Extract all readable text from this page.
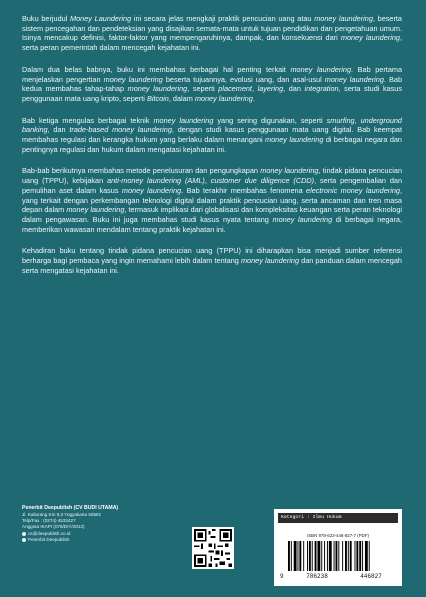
Buku berjudul Money Laundering ini secara jelas mengkaji praktik pencucian uang atau money laundering, beserta sistem pencegahan dan pendeteksian yang disajikan semata-mata untuk tujuan pendidikan dan pengetahuan umum. Isinya mencakup definisi, faktor-faktor yang mempengaruhinya, dampak, dan konsekuensi dari money laundering, serta peran pemerintah dalam mencegah kejahatan ini.

Dalam dua belas babnya, buku ini membahas berbagai hal penting terkait money laundering. Bab pertama menjelaskan pengertian money laundering beserta tujuannya, evolusi uang, dan asal-usul money laundering. Bab kedua membahas tahap-tahap money laundering, seperti placement, layering, dan integration, serta studi kasus penggunaan mata uang kripto, seperti Bitcoin, dalam money laundering.

Bab ketiga mengulas berbagai teknik money laundering yang sering digunakan, seperti smurfing, underground banking, dan trade-based money laundering, dengan studi kasus penggunaan mata uang digital. Bab keempat membahas regulasi dan kerangka hukum yang berlaku dalam menangani money laundering di berbagai negara dan pentingnya regulasi dan hukum dalam mengatasi kejahatan ini.

Bab-bab berikutnya membahas metode penelusuran dan pengungkapan money laundering, tindak pidana pencucian uang (TPPU), kebijakan anti-money laundering (AML), customer due diligence (CDD), serta pengembalian dan pemulihan aset dalam kasus money laundering. Bab terakhir membahas fenomena electronic money laundering, yang terkait dengan perkembangan teknologi digital dalam praktik pencucian uang, serta ancaman dan tren masa depan dalam money laundering, termasuk implikasi dari globalisasi dan kompleksitas keuangan serta peran teknologi dalam pengawasan. Buku ini juga membahas studi kasus nyata tentang money laundering di berbagai negara, memberikan wawasan mendalam tentang praktik kejahatan ini.

Kehadiran buku tentang tindak pidana pencucian uang (TPPU) ini diharapkan bisa menjadi sumber referensi berharga bagi pembaca yang ingin memahami lebih dalam tentang money laundering dan panduan dalam mencegah serta mengatasi kejahatan ini.

Penerbit Deepublish (CV BUDI UTAMA)
Jl. Kaliurang Km 9,3 Yogyakarta 55581
Telp/Fax : (0274) 4533427
Anggota IKAPI (076/DIY/2012)
cs@deepublish.co.id
Penerbit Deepublish
Kategori : Ilmu Hukum
ISBN 978-623-446-827-7 (PDF)
9	786238	446827
